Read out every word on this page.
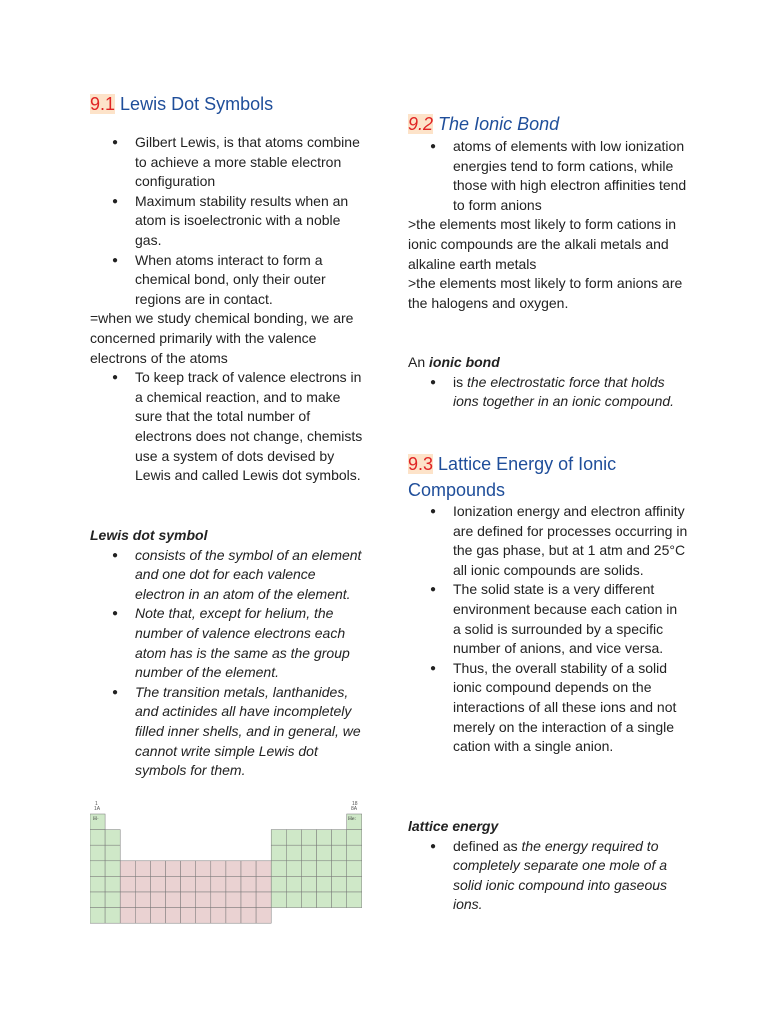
9.1 Lewis Dot Symbols
● Gilbert Lewis, is that atoms combine to achieve a more stable electron configuration
● Maximum stability results when an atom is isoelectronic with a noble gas.
● When atoms interact to form a chemical bond, only their outer regions are in contact.

=when we study chemical bonding, we are concerned primarily with the valence electrons of the atoms

● To keep track of valence electrons in a chemical reaction, and to make sure that the total number of electrons does not change, chemists use a system of dots devised by Lewis and called Lewis dot symbols.

Lewis dot symbol

● consists of the symbol of an element and one dot for each valence electron in an atom of the element.
● Note that, except for helium, the number of valence electrons each atom has is the same as the group number of the element.
● The transition metals, lanthanides, and actinides all have incompletely filled inner shells, and in general, we cannot write simple Lewis dot symbols for them.
1
1A
18
8A
H·	He:
9.2 The Ionic Bond
● atoms of elements with low ionization energies tend to form cations, while those with high electron affinities tend to form anions

>the elements most likely to form cations in ionic compounds are the alkali metals and alkaline earth metals

>the elements most likely to form anions are the halogens and oxygen.

An ionic bond

● is the electrostatic force that holds ions together in an ionic compound.
9.3 Lattice Energy of Ionic
Compounds
● Ionization energy and electron affinity are defined for processes occurring in the gas phase, but at 1 atm and 25°C all ionic compounds are solids.
● The solid state is a very different environment because each cation in a solid is surrounded by a specific number of anions, and vice versa.
● Thus, the overall stability of a solid ionic compound depends on the interactions of all these ions and not merely on the interaction of a single cation with a single anion.

lattice energy

● defined as the energy required to completely separate one mole of a solid ionic compound into gaseous ions.
